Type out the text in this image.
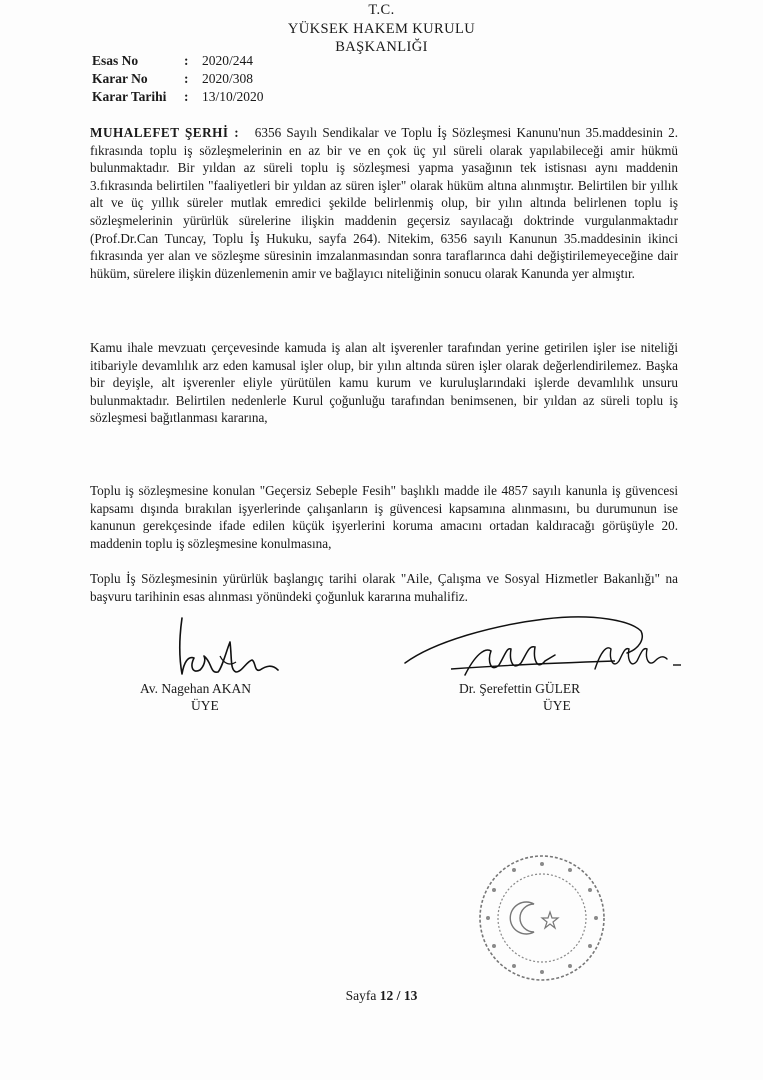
T.C.
YÜKSEK HAKEM KURULU
BAŞKANLIĞI
Esas No	: 2020/244
Karar No	: 2020/308
Karar Tarihi : 13/10/2020
MUHALEFET ŞERHİ : 6356 Sayılı Sendikalar ve Toplu İş Sözleşmesi Kanunu'nun 35.maddesinin 2. fıkrasında toplu iş sözleşmelerinin en az bir ve en çok üç yıl süreli olarak yapılabileceği amir hükmü bulunmaktadır. Bir yıldan az süreli toplu iş sözleşmesi yapma yasağının tek istisnası aynı maddenin 3.fıkrasında belirtilen "faaliyetleri bir yıldan az süren işler" olarak hüküm altına alınmıştır. Belirtilen bir yıllık alt ve üç yıllık süreler mutlak emredici şekilde belirlenmiş olup, bir yılın altında belirlenen toplu iş sözleşmelerinin yürürlük sürelerine ilişkin maddenin geçersiz sayılacağı doktrinde vurgulanmaktadır (Prof.Dr.Can Tuncay, Toplu İş Hukuku, sayfa 264). Nitekim, 6356 sayılı Kanunun 35.maddesinin ikinci fıkrasında yer alan ve sözleşme süresinin imzalanmasından sonra taraflarınca dahi değiştirilemeyeceğine dair hüküm, sürelere ilişkin düzenlemenin amir ve bağlayıcı niteliğinin sonucu olarak Kanunda yer almıştır.
Kamu ihale mevzuatı çerçevesinde kamuda iş alan alt işverenler tarafından yerine getirilen işler ise niteliği itibariyle devamlılık arz eden kamusal işler olup, bir yılın altında süren işler olarak değerlendirilemez. Başka bir deyişle, alt işverenler eliyle yürütülen kamu kurum ve kuruluşlarındaki işlerde devamlılık unsuru bulunmaktadır. Belirtilen nedenlerle Kurul çoğunluğu tarafından benimsenen, bir yıldan az süreli toplu iş sözleşmesi bağıtlanması kararına,
Toplu iş sözleşmesine konulan "Geçersiz Sebeple Fesih" başlıklı madde ile 4857 sayılı kanunla iş güvencesi kapsamı dışında bırakılan işyerlerinde çalışanların iş güvencesi kapsamına alınmasını, bu durumunun ise kanunun gerekçesinde ifade edilen küçük işyerlerini koruma amacını ortadan kaldıracağı görüşüyle 20. maddenin toplu iş sözleşmesine konulmasına,
Toplu İş Sözleşmesinin yürürlük başlangıç tarihi olarak "Aile, Çalışma ve Sosyal Hizmetler Bakanlığı" na başvuru tarihinin esas alınması yönündeki çoğunluk kararına muhalifiz.
Av. Nagehan AKAN
ÜYE
Dr. Şerefettin GÜLER
ÜYE
Sayfa 12 / 13
